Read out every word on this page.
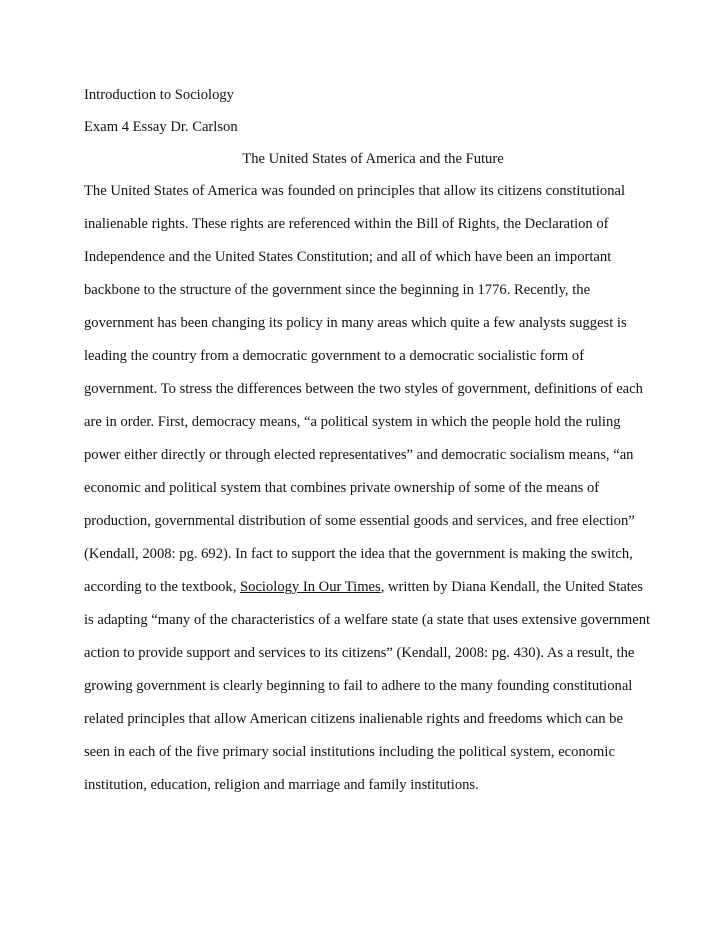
Introduction to Sociology
Exam 4 Essay Dr. Carlson
The United States of America and the Future
The United States of America was founded on principles that allow its citizens constitutional
inalienable rights. These rights are referenced within the Bill of Rights, the Declaration of
Independence and the United States Constitution; and all of which have been an important
backbone to the structure of the government since the beginning in 1776. Recently, the
government has been changing its policy in many areas which quite a few analysts suggest is
leading the country from a democratic government to a democratic socialistic form of
government. To stress the differences between the two styles of government, definitions of each
are in order. First, democracy means, “a political system in which the people hold the ruling
power either directly or through elected representatives” and democratic socialism means, “an
economic and political system that combines private ownership of some of the means of
production, governmental distribution of some essential goods and services, and free election”
(Kendall, 2008: pg. 692). In fact to support the idea that the government is making the switch,
according to the textbook, Sociology In Our Times, written by Diana Kendall, the United States
is adapting “many of the characteristics of a welfare state (a state that uses extensive government
action to provide support and services to its citizens” (Kendall, 2008: pg. 430). As a result, the
growing government is clearly beginning to fail to adhere to the many founding constitutional
related principles that allow American citizens inalienable rights and freedoms which can be
seen in each of the five primary social institutions including the political system, economic
institution, education, religion and marriage and family institutions.
